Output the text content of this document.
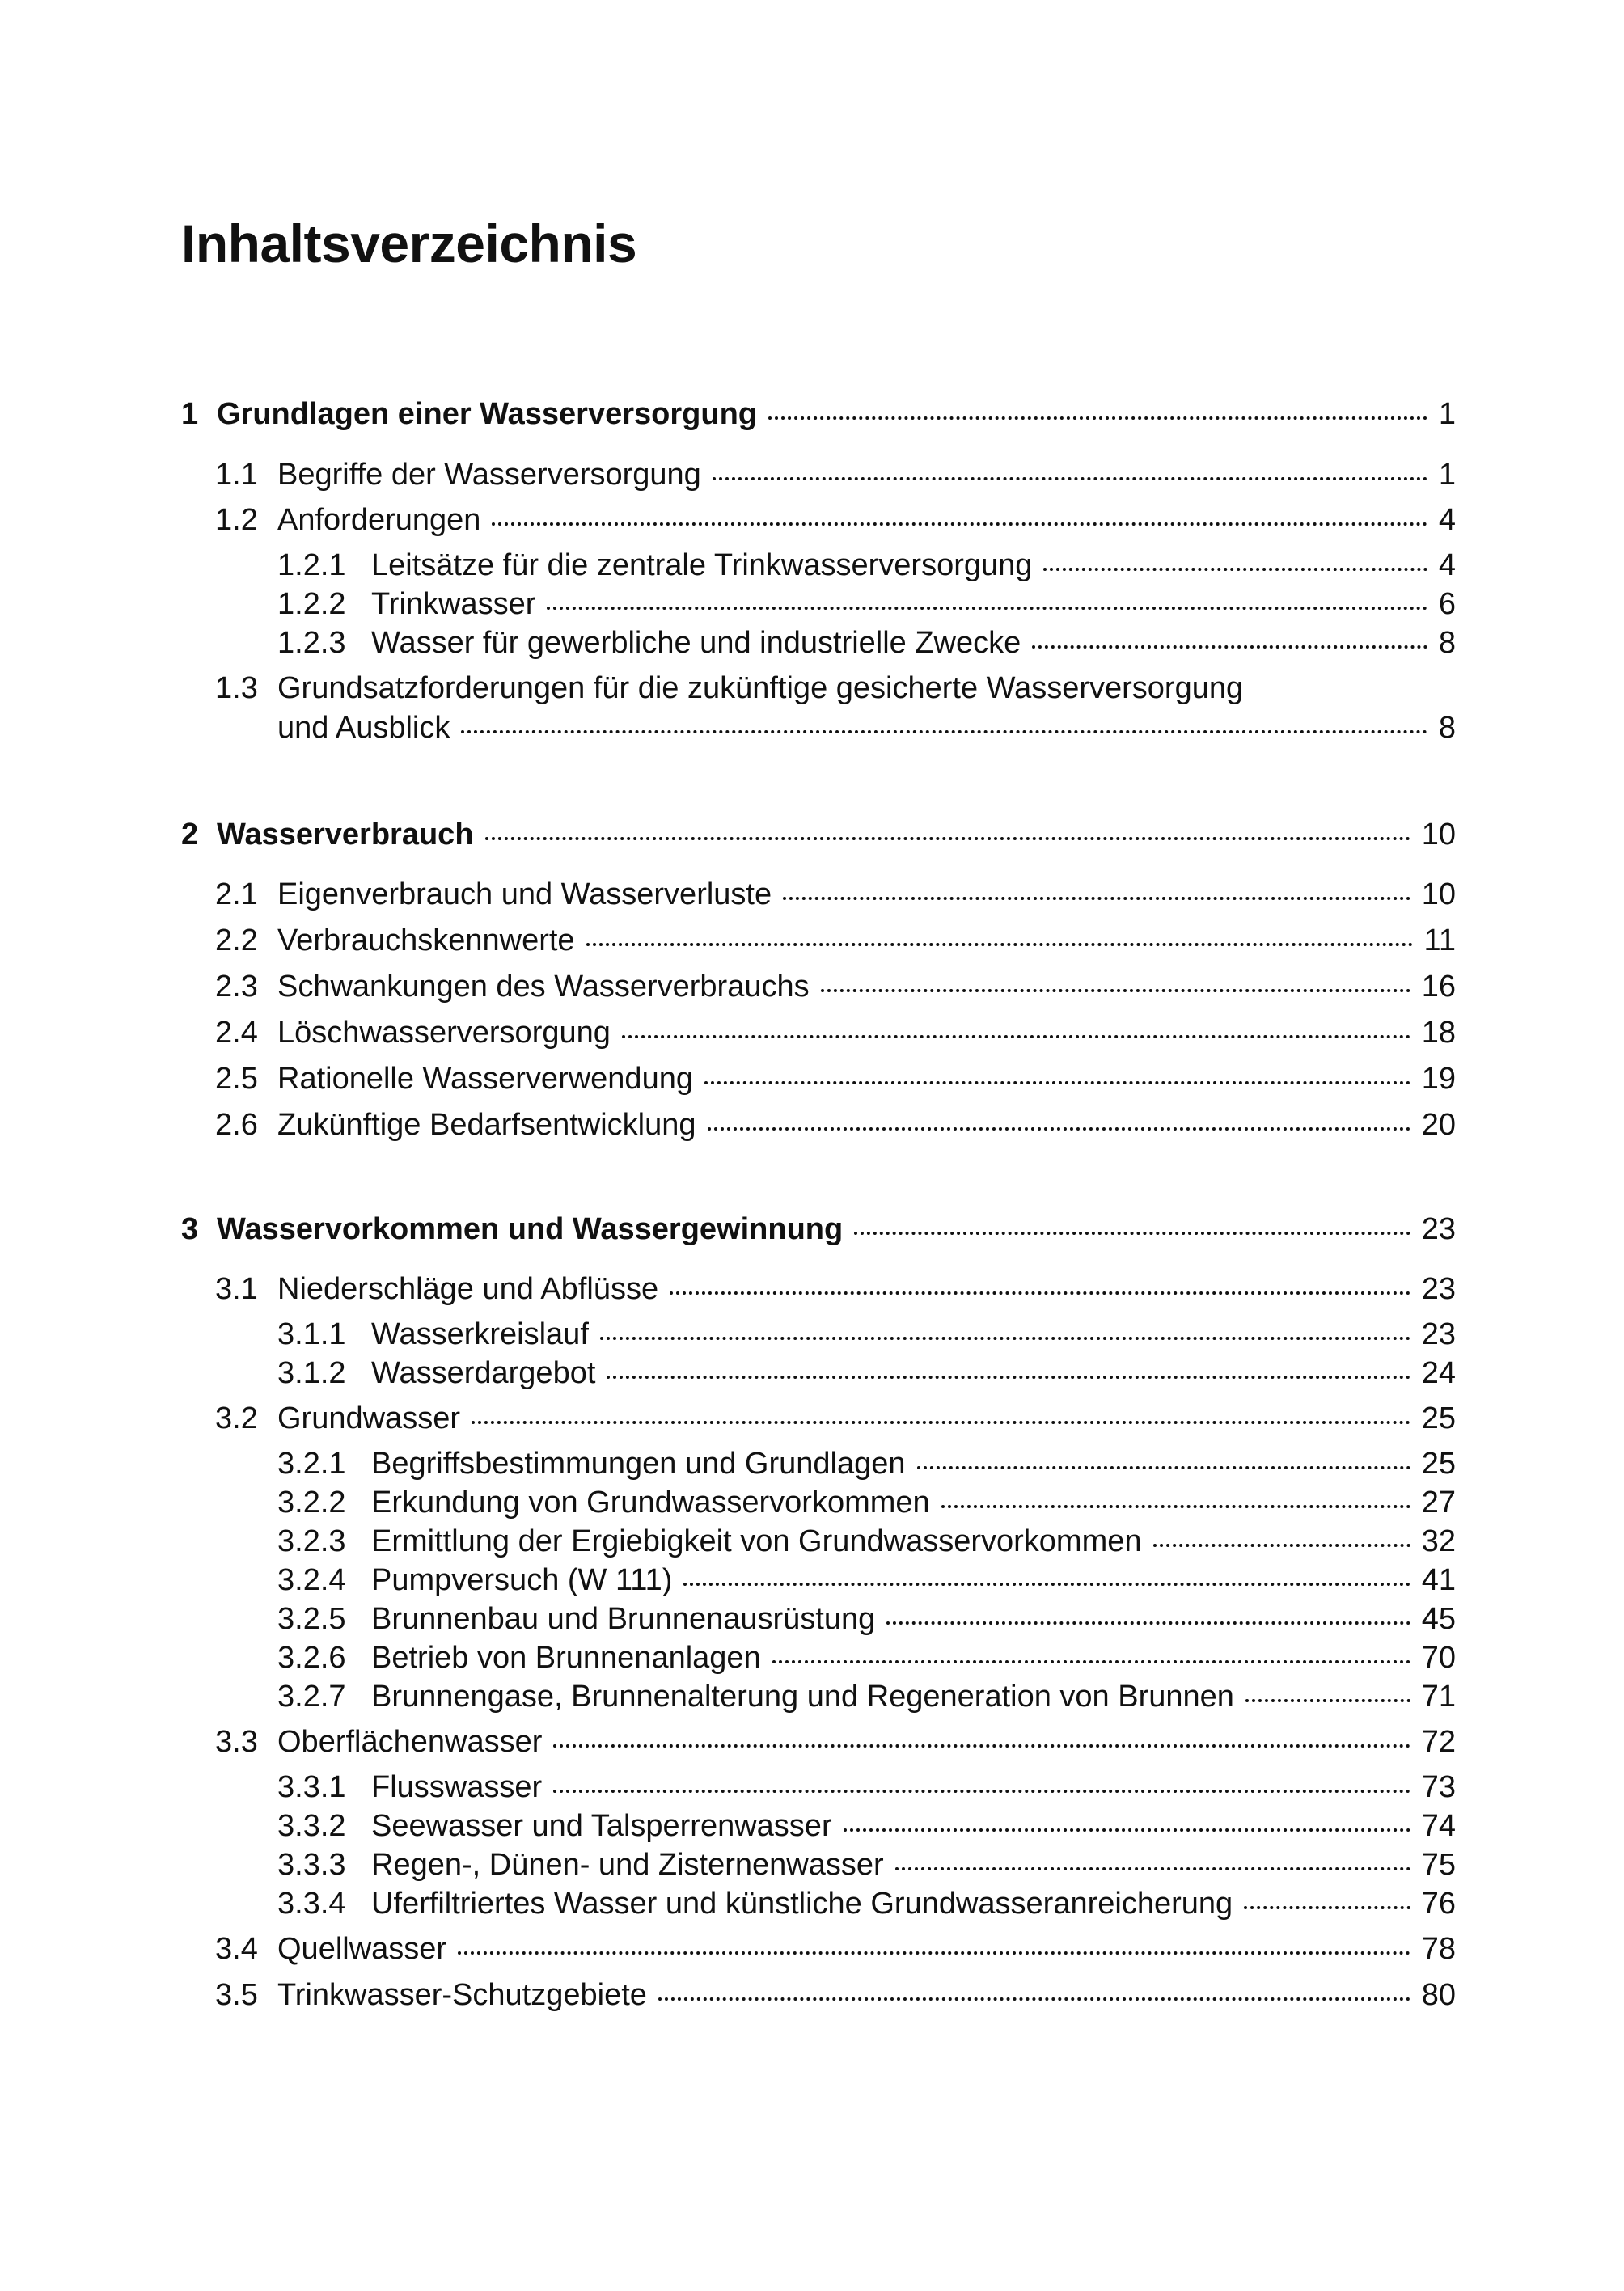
Inhaltsverzeichnis
1 Grundlagen einer Wasserversorgung	1
1.1 Begriffe der Wasserversorgung	1
1.2 Anforderungen	4
1.2.1 Leitsätze für die zentrale Trinkwasserversorgung	4
1.2.2 Trinkwasser	6
1.2.3 Wasser für gewerbliche und industrielle Zwecke	8
1.3 Grundsatzforderungen für die zukünftige gesicherte Wasserversorgung
und Ausblick	8
2 Wasserverbrauch	10
2.1 Eigenverbrauch und Wasserverluste	10
2.2 Verbrauchskennwerte	11
2.3 Schwankungen des Wasserverbrauchs	16
2.4 Löschwasserversorgung	18
2.5 Rationelle Wasserverwendung	19
2.6 Zukünftige Bedarfsentwicklung	20
3 Wasservorkommen und Wassergewinnung	23
3.1 Niederschläge und Abflüsse	23
3.1.1 Wasserkreislauf	23
3.1.2 Wasserdargebot	24
3.2 Grundwasser	25
3.2.1 Begriffsbestimmungen und Grundlagen	25
3.2.2 Erkundung von Grundwasservorkommen	27
3.2.3 Ermittlung der Ergiebigkeit von Grundwasservorkommen	32
3.2.4 Pumpversuch (W 111)	41
3.2.5 Brunnenbau und Brunnenausrüstung	45
3.2.6 Betrieb von Brunnenanlagen	70
3.2.7 Brunnengase, Brunnenalterung und Regeneration von Brunnen	71
3.3 Oberflächenwasser	72
3.3.1 Flusswasser	73
3.3.2 Seewasser und Talsperrenwasser	74
3.3.3 Regen-, Dünen- und Zisternenwasser	75
3.3.4 Uferfiltriertes Wasser und künstliche Grundwasseranreicherung	76
3.4 Quellwasser	78
3.5 Trinkwasser-Schutzgebiete	80
